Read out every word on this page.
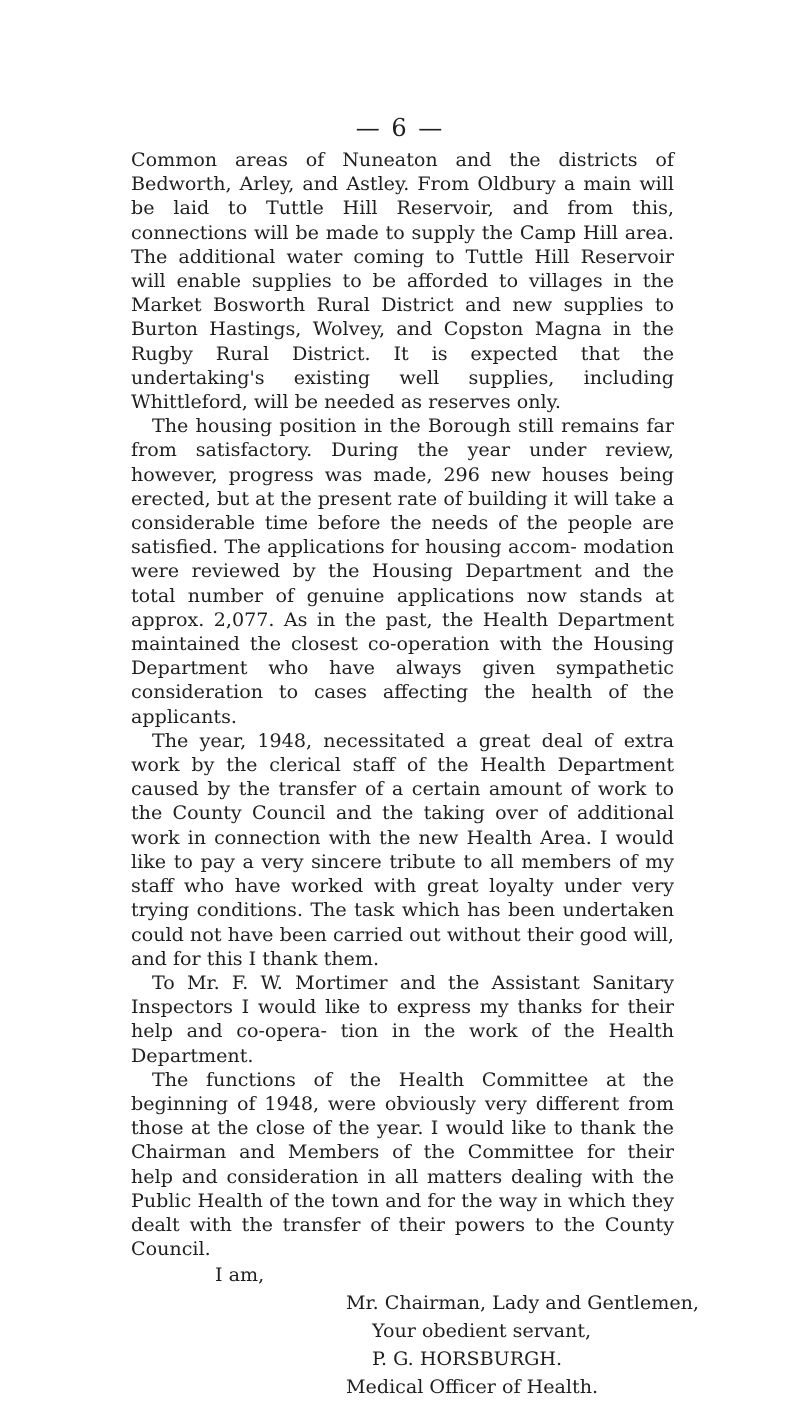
— 6 —

Common areas of Nuneaton and the districts of Bedworth, Arley, and Astley. From Oldbury a main will be laid to Tuttle Hill Reservoir, and from this, connections will be made to supply the Camp Hill area. The additional water coming to Tuttle Hill Reservoir will enable supplies to be afforded to villages in the Market Bosworth Rural District and new supplies to Burton Hastings, Wolvey, and Copston Magna in the Rugby Rural District. It is expected that the undertaking's existing well supplies, including Whittleford, will be needed as reserves only.

The housing position in the Borough still remains far from satisfactory. During the year under review, however, progress was made, 296 new houses being erected, but at the present rate of building it will take a considerable time before the needs of the people are satisfied. The applications for housing accom- modation were reviewed by the Housing Department and the total number of genuine applications now stands at approx. 2,077. As in the past, the Health Department maintained the closest co-operation with the Housing Department who have always given sympathetic consideration to cases affecting the health of the applicants.

The year, 1948, necessitated a great deal of extra work by the clerical staff of the Health Department caused by the transfer of a certain amount of work to the County Council and the taking over of additional work in connection with the new Health Area. I would like to pay a very sincere tribute to all members of my staff who have worked with great loyalty under very trying conditions. The task which has been undertaken could not have been carried out without their good will, and for this I thank them.

To Mr. F. W. Mortimer and the Assistant Sanitary Inspectors I would like to express my thanks for their help and co-opera- tion in the work of the Health Department.

The functions of the Health Committee at the beginning of 1948, were obviously very different from those at the close of the year. I would like to thank the Chairman and Members of the Committee for their help and consideration in all matters dealing with the Public Health of the town and for the way in which they dealt with the transfer of their powers to the County Council.

I am,
Mr. Chairman, Lady and Gentlemen,
Your obedient servant,
P. G. HORSBURGH.
Medical Officer of Health.
